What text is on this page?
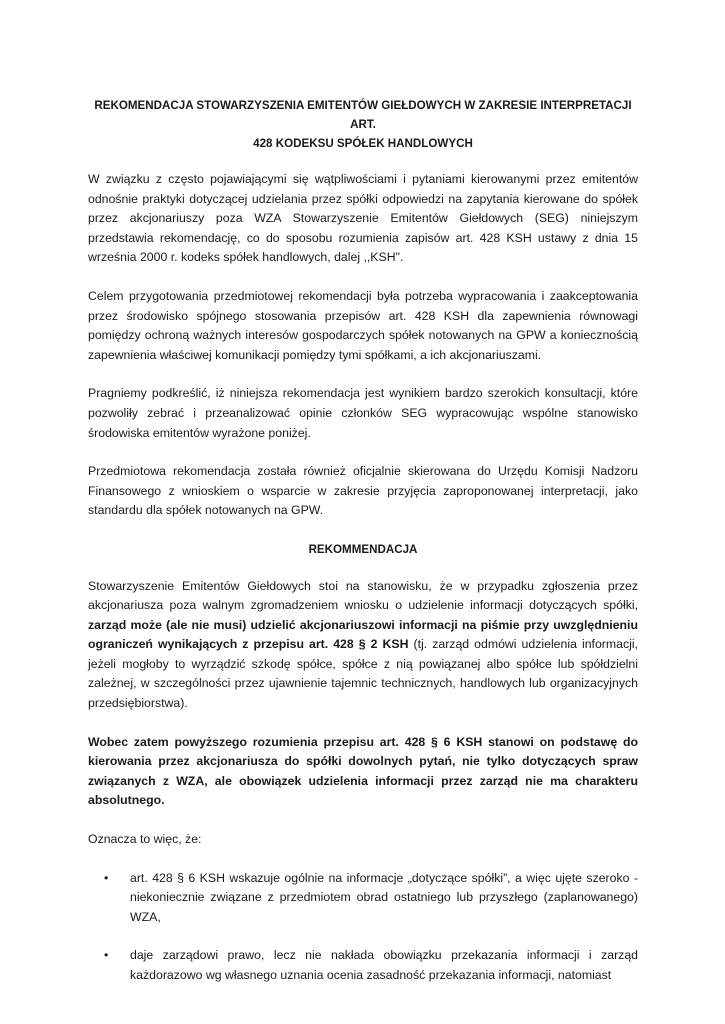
REKOMENDACJA STOWARZYSZENIA EMITENTÓW GIEŁDOWYCH W ZAKRESIE INTERPRETACJI ART.
428 KODEKSU SPÓŁEK HANDLOWYCH

W związku z często pojawiającymi się wątpliwościami i pytaniami kierowanymi przez emitentów odnośnie praktyki dotyczącej udzielania przez spółki odpowiedzi na zapytania kierowane do spółek przez akcjonariuszy poza WZA Stowarzyszenie Emitentów Giełdowych (SEG) niniejszym przedstawia rekomendację, co do sposobu rozumienia zapisów art. 428 KSH ustawy z dnia 15 września 2000 r. kodeks spółek handlowych, dalej ,,KSH".

Celem przygotowania przedmiotowej rekomendacji była potrzeba wypracowania i zaakceptowania przez środowisko spójnego stosowania przepisów art. 428 KSH dla zapewnienia równowagi pomiędzy ochroną ważnych interesów gospodarczych spółek notowanych na GPW a koniecznością zapewnienia właściwej komunikacji pomiędzy tymi spółkami, a ich akcjonariuszami.

Pragniemy podkreślić, iż niniejsza rekomendacja jest wynikiem bardzo szerokich konsultacji, które pozwoliły zebrać i przeanalizować opinie członków SEG wypracowując wspólne stanowisko środowiska emitentów wyrażone poniżej.

Przedmiotowa rekomendacja została również oficjalnie skierowana do Urzędu Komisji Nadzoru Finansowego z wnioskiem o wsparcie w zakresie przyjęcia zaproponowanej interpretacji, jako standardu dla spółek notowanych na GPW.

REKOMMENDACJA

Stowarzyszenie Emitentów Giełdowych stoi na stanowisku, że w przypadku zgłoszenia przez akcjonariusza poza walnym zgromadzeniem wniosku o udzielenie informacji dotyczących spółki, zarząd może (ale nie musi) udzielić akcjonariuszowi informacji na piśmie przy uwzględnieniu ograniczeń wynikających z przepisu art. 428 § 2 KSH (tj. zarząd odmówi udzielenia informacji, jeżeli mogłoby to wyrządzić szkodę spółce, spółce z nią powiązanej albo spółce lub spółdzielni zależnej, w szczególności przez ujawnienie tajemnic technicznych, handlowych lub organizacyjnych przedsiębiorstwa).

Wobec zatem powyższego rozumienia przepisu art. 428 § 6 KSH stanowi on podstawę do kierowania przez akcjonariusza do spółki dowolnych pytań, nie tylko dotyczących spraw związanych z WZA, ale obowiązek udzielenia informacji przez zarząd nie ma charakteru absolutnego.

Oznacza to więc, że:

• art. 428 § 6 KSH wskazuje ogólnie na informacje „dotyczące spółki”, a więc ujęte szeroko - niekoniecznie związane z przedmiotem obrad ostatniego lub przyszłego (zaplanowanego) WZA,
• daje zarządowi prawo, lecz nie nakłada obowiązku przekazania informacji i zarząd każdorazowo wg własnego uznania ocenia zasadność przekazania informacji, natomiast
